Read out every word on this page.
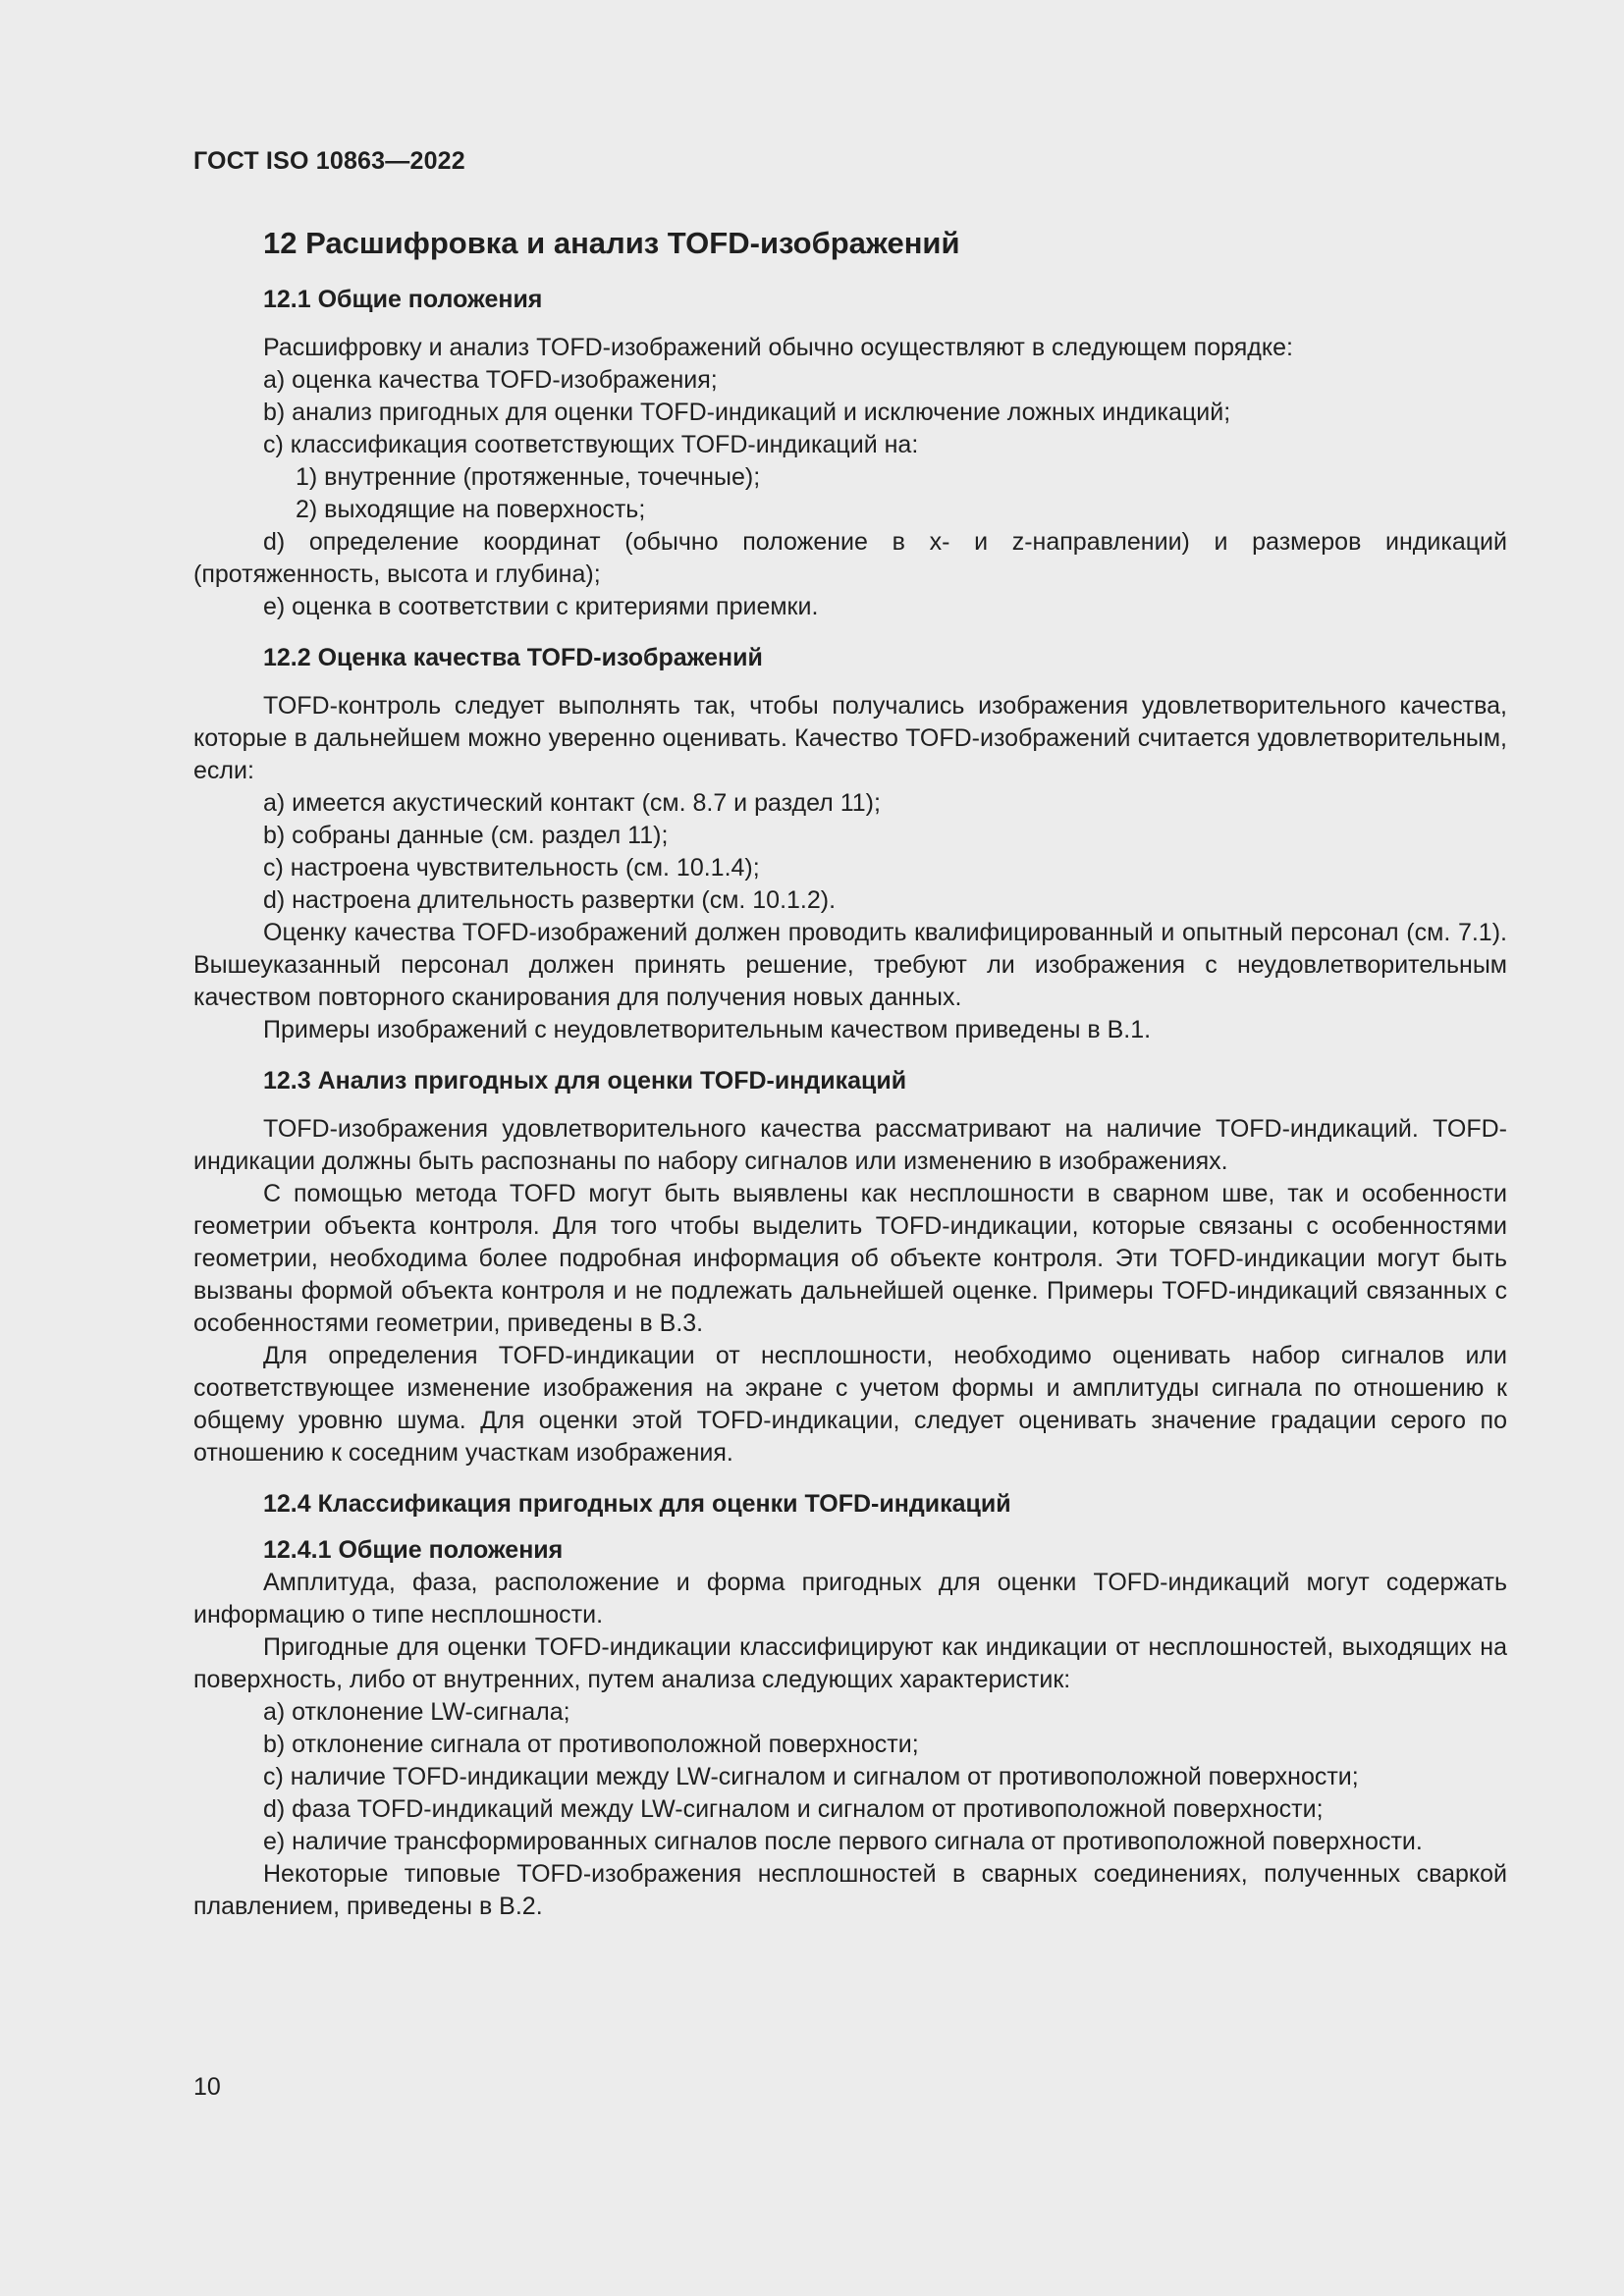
ГОСТ ISO 10863—2022
12 Расшифровка и анализ TOFD-изображений
12.1 Общие положения

Расшифровку и анализ TOFD-изображений обычно осуществляют в следующем порядке:

a) оценка качества TOFD-изображения;

b) анализ пригодных для оценки TOFD-индикаций и исключение ложных индикаций;

c) классификация соответствующих TOFD-индикаций на:

1) внутренние (протяженные, точечные);

2) выходящие на поверхность;

d) определение координат (обычно положение в x- и z-направлении) и размеров индикаций (протяженность, высота и глубина);

e) оценка в соответствии с критериями приемки.

12.2 Оценка качества TOFD-изображений

TOFD-контроль следует выполнять так, чтобы получались изображения удовлетворительного качества, которые в дальнейшем можно уверенно оценивать. Качество TOFD-изображений считается удовлетворительным, если:

a) имеется акустический контакт (см. 8.7 и раздел 11);

b) собраны данные (см. раздел 11);

c) настроена чувствительность (см. 10.1.4);

d) настроена длительность развертки (см. 10.1.2).

Оценку качества TOFD-изображений должен проводить квалифицированный и опытный персонал (см. 7.1). Вышеуказанный персонал должен принять решение, требуют ли изображения с неудовлетворительным качеством повторного сканирования для получения новых данных.

Примеры изображений с неудовлетворительным качеством приведены в В.1.

12.3 Анализ пригодных для оценки TOFD-индикаций

TOFD-изображения удовлетворительного качества рассматривают на наличие TOFD-индикаций. TOFD-индикации должны быть распознаны по набору сигналов или изменению в изображениях.

С помощью метода TOFD могут быть выявлены как несплошности в сварном шве, так и особенности геометрии объекта контроля. Для того чтобы выделить TOFD-индикации, которые связаны с особенностями геометрии, необходима более подробная информация об объекте контроля. Эти TOFD-индикации могут быть вызваны формой объекта контроля и не подлежать дальнейшей оценке. Примеры TOFD-индикаций связанных с особенностями геометрии, приведены в В.3.

Для определения TOFD-индикации от несплошности, необходимо оценивать набор сигналов или соответствующее изменение изображения на экране с учетом формы и амплитуды сигнала по отношению к общему уровню шума. Для оценки этой TOFD-индикации, следует оценивать значение градации серого по отношению к соседним участкам изображения.

12.4 Классификация пригодных для оценки TOFD-индикаций
12.4.1 Общие положения

Амплитуда, фаза, расположение и форма пригодных для оценки TOFD-индикаций могут содержать информацию о типе несплошности.

Пригодные для оценки TOFD-индикации классифицируют как индикации от несплошностей, выходящих на поверхность, либо от внутренних, путем анализа следующих характеристик:

a) отклонение LW-сигнала;

b) отклонение сигнала от противоположной поверхности;

c) наличие TOFD-индикации между LW-сигналом и сигналом от противоположной поверхности;

d) фаза TOFD-индикаций между LW-сигналом и сигналом от противоположной поверхности;

e) наличие трансформированных сигналов после первого сигнала от противоположной поверхности.

Некоторые типовые TOFD-изображения несплошностей в сварных соединениях, полученных сваркой плавлением, приведены в В.2.

10
